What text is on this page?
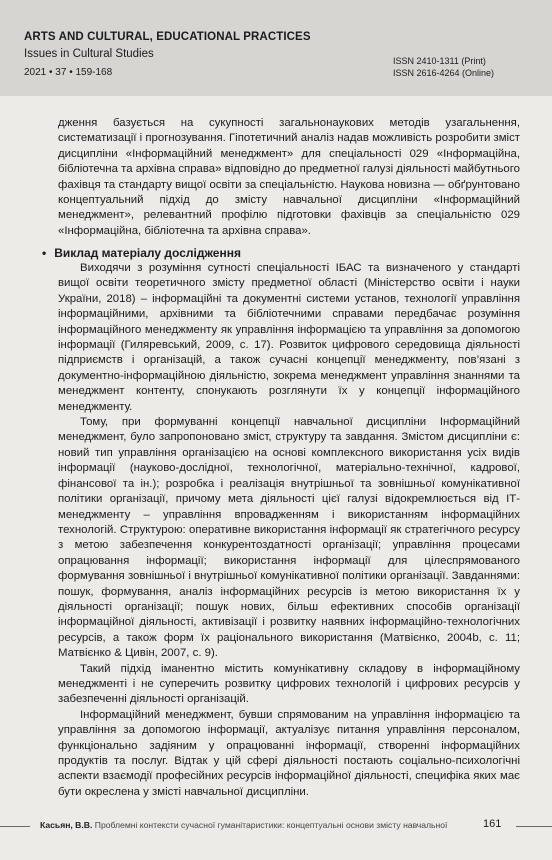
ARTS AND CULTURAL, EDUCATIONAL PRACTICES
Issues in Cultural Studies
2021 • 37 • 159-168
ISSN 2410-1311 (Print)
ISSN 2616-4264 (Online)
дження базується на сукупності загальнонаукових методів узагальнення, систематизації і прогнозування. Гіпотетичний аналіз надав можливість розробити зміст дисципліни «Інформаційний менеджмент» для спеціальності 029 «Інформаційна, бібліотечна та архівна справа» відповідно до предметної галузі діяльності майбутнього фахівця та стандарту вищої освіти за спеціальністю. Наукова новизна — обґрунтовано концептуальний підхід до змісту навчальної дисципліни «Інформаційний менеджмент», релевантний профілю підготовки фахівців за спеціальністю 029 «Інформаційна, бібліотечна та архівна справа».
• Виклад матеріалу дослідження
Виходячи з розуміння сутності спеціальності ІБАС та визначеного у стандарті вищої освіти теоретичного змісту предметної області (Міністерство освіти і науки України, 2018) – інформаційні та документні системи установ, технології управління інформаційними, архівними та бібліотечними справами передбачає розуміння інформаційного менеджменту як управління інформацією та управління за допомогою інформації (Гиляревський, 2009, с. 17). Розвиток цифрового середовища діяльності підприємств і організацій, а також сучасні концепції менеджменту, пов’язані з документно-інформаційною діяльністю, зокрема менеджмент управління знаннями та менеджмент контенту, спонукають розглянути їх у концепції інформаційного менеджменту.
Тому, при формуванні концепції навчальної дисципліни Інформаційний менеджмент, було запропоновано зміст, структуру та завдання. Змістом дисципліни є: новий тип управління організацією на основі комплексного використання усіх видів інформації (науково-дослідної, технологічної, матеріально-технічної, кадрової, фінансової та ін.); розробка і реалізація внутрішньої та зовнішньої комунікативної політики організації, причому мета діяльності цієї галузі відокремлюється від ІТ-менеджменту – управління впровадженням і використанням інформаційних технологій. Структурою: оперативне використання інформації як стратегічного ресурсу з метою забезпечення конкурентоздатності організації; управління процесами опрацювання інформації; використання інформації для цілеспрямованого формування зовнішньої і внутрішньої комунікативної політики організації. Завданнями: пошук, формування, аналіз інформаційних ресурсів із метою використання їх у діяльності організації; пошук нових, більш ефективних способів організації інформаційної діяльності, активізації і розвитку наявних інформаційно-технологічних ресурсів, а також форм їх раціонального використання (Матвієнко, 2004b, с. 11; Матвієнко & Цивін, 2007, с. 9).
Такий підхід іманентно містить комунікативну складову в інформаційному менеджменті і не суперечить розвитку цифрових технологій і цифрових ресурсів у забезпеченні діяльності організацій.
Інформаційний менеджмент, бувши спрямованим на управління інформацією та управління за допомогою інформації, актуалізує питання управління персоналом, функціонально задіяним у опрацюванні інформації, створенні інформаційних продуктів та послуг. Відтак у цій сфері діяльності постають соціально-психологічні аспекти взаємодії професійних ресурсів інформаційної діяльності, специфіка яких має бути окреслена у змісті навчальної дисципліни.
Касьян, В.В. Проблемні контексти сучасної гуманітаристики: концептуальні основи змісту навчальної	161
